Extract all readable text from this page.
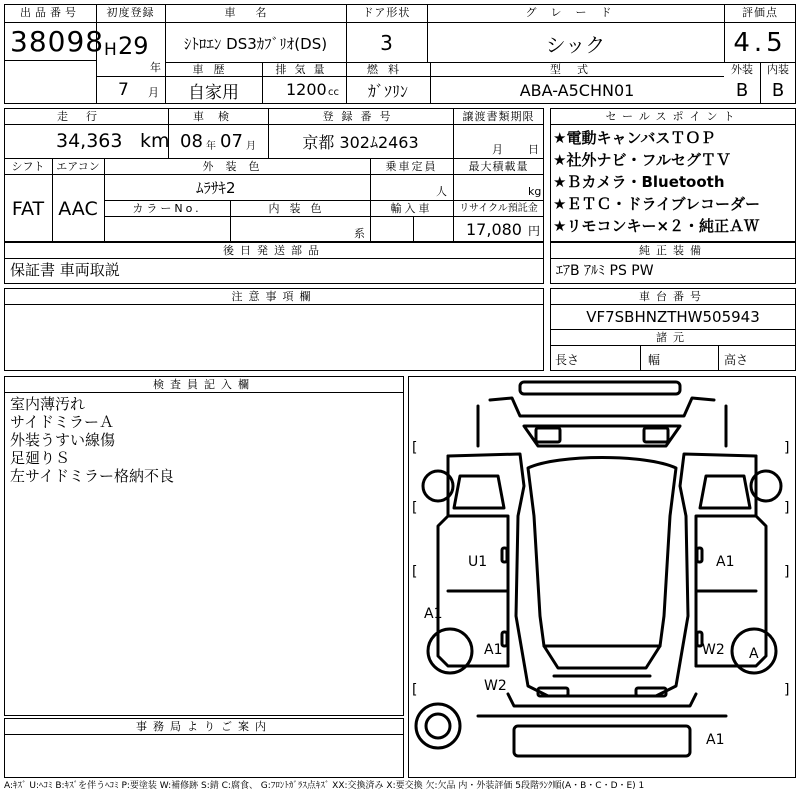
出品番号
38098
初度登録
H 29
年
7 月
車名
ｼﾄﾛｴﾝ DS3ｶﾌﾞﾘｵ(DS)
ドア形状
3
グレード
シック
評価点
4.5
車歴
自家用
排気量
1200 cc
燃料
ｶﾞｿﾘﾝ
型式
ABA-A5CHN01
外装	内装
B	B
走行
34,363 km
車検
08 年 07 月
登録番号
京都 302ﾑ2463
譲渡書類期限
月 日
シフト
FAT
エアコン
AAC
外装色
ﾑﾗｻｷ2
乗車定員
人
最大積載量
kg
カラーNo.	内装色
系
輸入車	リサイクル預託金
17,080 円
セールスポイント
★電動キャンバスＴＯＰ
★社外ナビ・フルセグＴＶ
★Ｂカメラ・Bluetooth
★ＥＴＣ・ドライブレコーダー
★リモコンキー×２・純正ＡＷ
後日発送部品
保証書 車両取説
純正装備
ｴｱB ｱﾙﾐ PS PW
注意事項欄	車台番号
VF7SBHNZTHW505943
諸元
長さ	幅	高さ
検査員記入欄
室内薄汚れ
サイドミラーＡ
外装うすい線傷
足廻りＳ
左サイドミラー格納不良
事務局よりご案内
U1	A1
A1
A1	W2
W2
A
A1
[	]
[	]
[	]
[	]
A:ｷｽﾞ U:ﾍｺﾐ B:ｷｽﾞを伴うﾍｺﾐ P:要塗装 W:補修跡 S:錆 C:腐食、 G:ﾌﾛﾝﾄｶﾞﾗｽ点ｷｽﾞ XX:交換済み X:要交換 欠:欠品 内・外装評価 5段階ﾗﾝｸ順(A・B・C・D・E) 1
